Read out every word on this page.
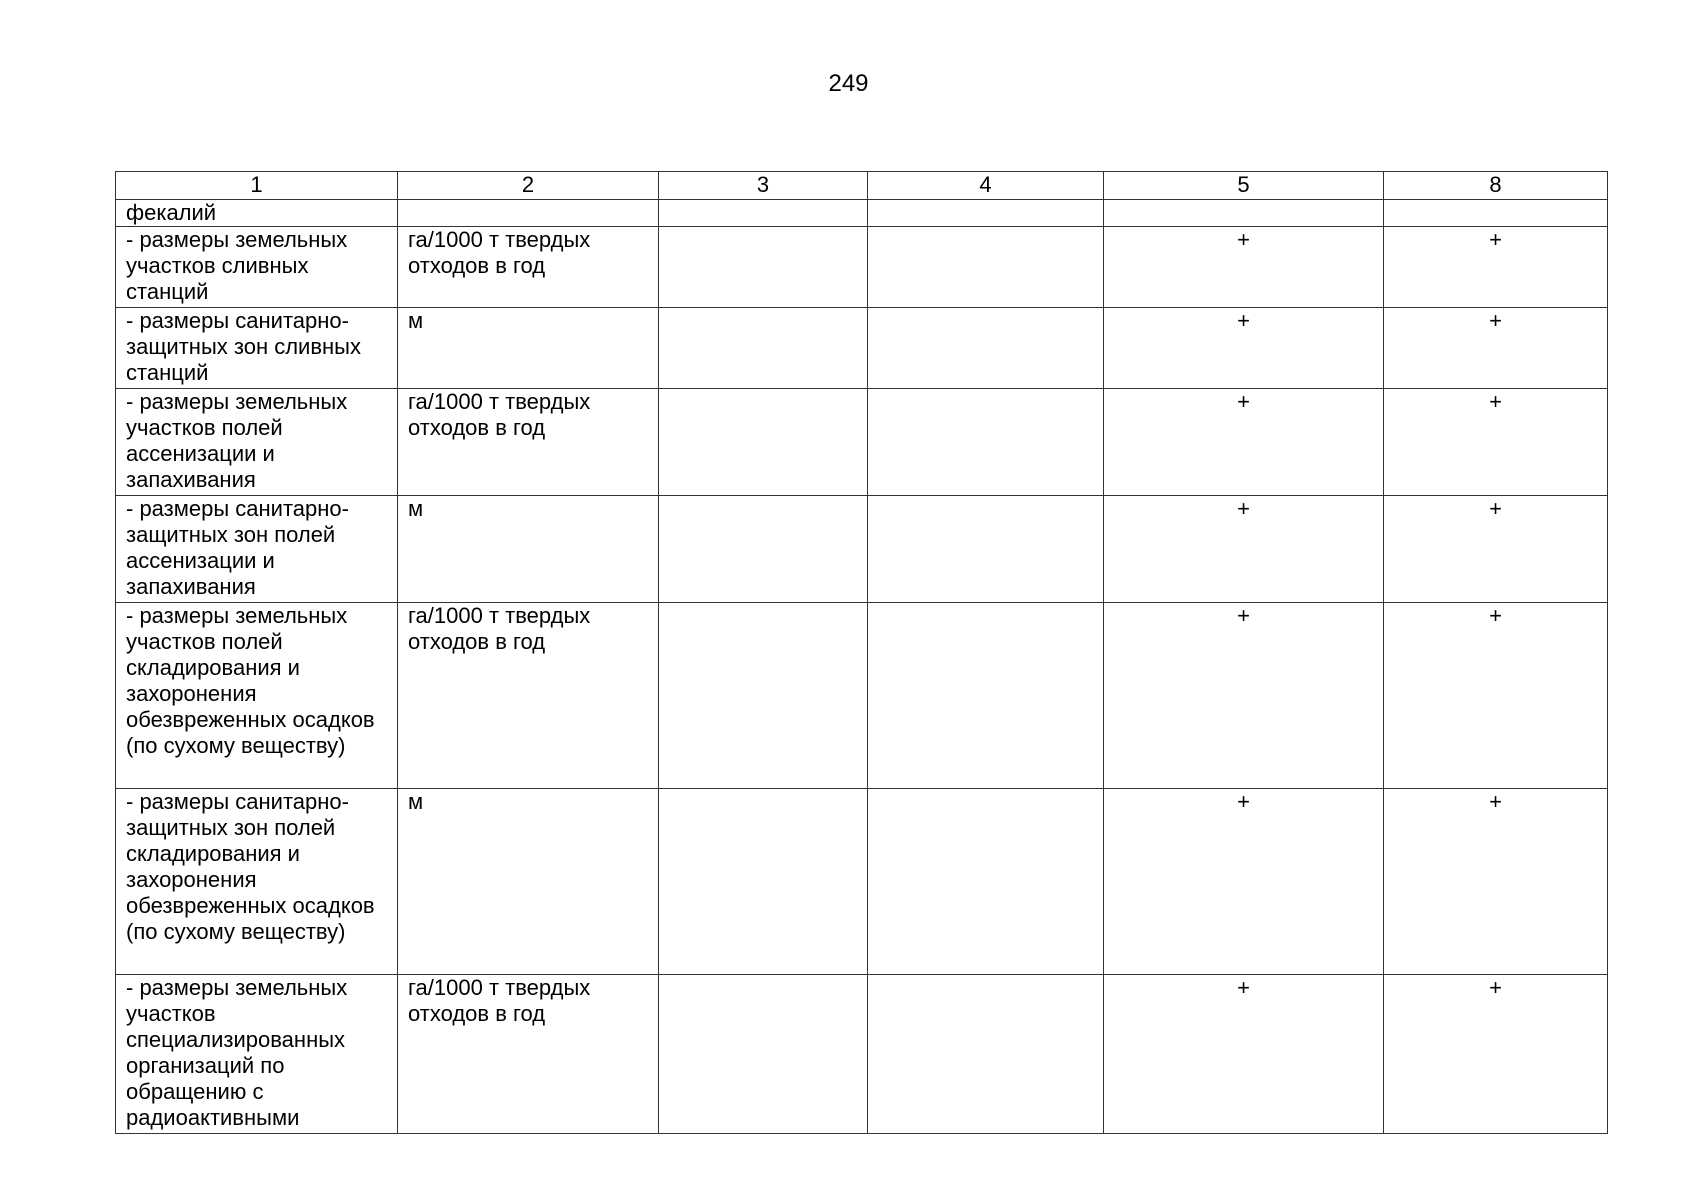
249
1	2	3	4	5	8
фекалий					
- размеры земельных участков сливных станций	га/1000 т твердых отходов в год			+	+
- размеры санитарно-защитных зон сливных станций	м			+	+
- размеры земельных участков полей ассенизации и запахивания	га/1000 т твердых отходов в год			+	+
- размеры санитарно-защитных зон полей ассенизации и запахивания	м			+	+
- размеры земельных участков полей складирования и захоронения обезвреженных осадков (по сухому веществу)	га/1000 т твердых отходов в год			+	+
- размеры санитарно-защитных зон полей складирования и захоронения обезвреженных осадков (по сухому веществу)	м			+	+
- размеры земельных участков специализированных организаций по обращению с радиоактивными	га/1000 т твердых отходов в год			+	+
